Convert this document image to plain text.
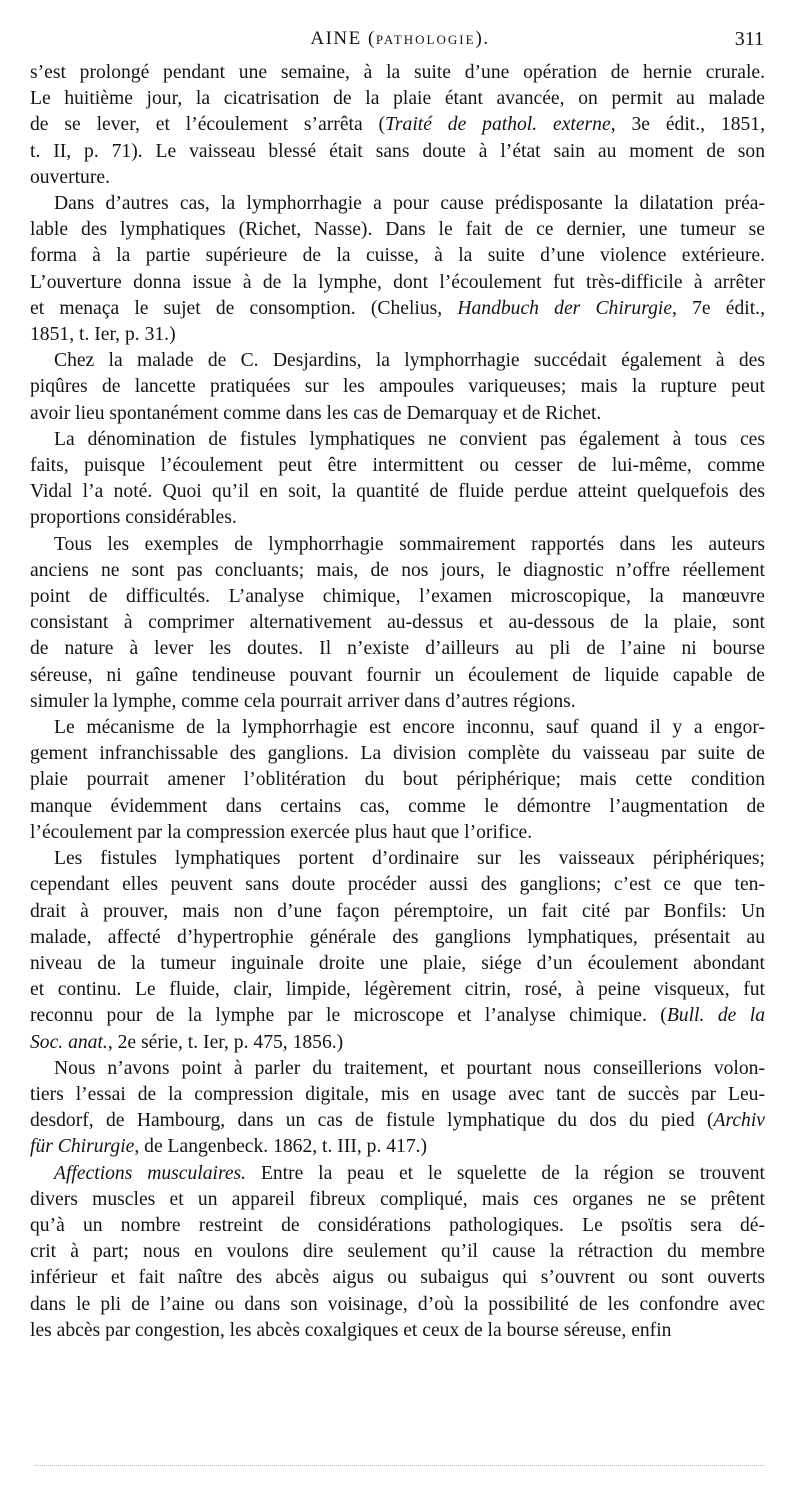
AINE (PATHOLOGIE).	311

s’est prolongé pendant une semaine, à la suite d’une opération de hernie crurale.
Le huitième jour, la cicatrisation de la plaie étant avancée, on permit au malade
de se lever, et l’écoulement s’arrêta (Traité de pathol. externe, 3e édit., 1851,
t. II, p. 71). Le vaisseau blessé était sans doute à l’état sain au moment de son
ouverture.

Dans d’autres cas, la lymphorrhagie a pour cause prédisposante la dilatation préa-
lable des lymphatiques (Richet, Nasse). Dans le fait de ce dernier, une tumeur se
forma à la partie supérieure de la cuisse, à la suite d’une violence extérieure.
L’ouverture donna issue à de la lymphe, dont l’écoulement fut très-difficile à arrêter
et menaça le sujet de consomption. (Chelius, Handbuch der Chirurgie, 7e édit.,
1851, t. Ier, p. 31.)

Chez la malade de C. Desjardins, la lymphorrhagie succédait également à des
piqûres de lancette pratiquées sur les ampoules variqueuses; mais la rupture peut
avoir lieu spontanément comme dans les cas de Demarquay et de Richet.

La dénomination de fistules lymphatiques ne convient pas également à tous ces
faits, puisque l’écoulement peut être intermittent ou cesser de lui-même, comme
Vidal l’a noté. Quoi qu’il en soit, la quantité de fluide perdue atteint quelquefois des
proportions considérables.

Tous les exemples de lymphorrhagie sommairement rapportés dans les auteurs
anciens ne sont pas concluants; mais, de nos jours, le diagnostic n’offre réellement
point de difficultés. L’analyse chimique, l’examen microscopique, la manœuvre
consistant à comprimer alternativement au-dessus et au-dessous de la plaie, sont
de nature à lever les doutes. Il n’existe d’ailleurs au pli de l’aine ni bourse
séreuse, ni gaîne tendineuse pouvant fournir un écoulement de liquide capable de
simuler la lymphe, comme cela pourrait arriver dans d’autres régions.

Le mécanisme de la lymphorrhagie est encore inconnu, sauf quand il y a engor-
gement infranchissable des ganglions. La division complète du vaisseau par suite de
plaie pourrait amener l’oblitération du bout périphérique; mais cette condition
manque évidemment dans certains cas, comme le démontre l’augmentation de
l’écoulement par la compression exercée plus haut que l’orifice.

Les fistules lymphatiques portent d’ordinaire sur les vaisseaux périphériques;
cependant elles peuvent sans doute procéder aussi des ganglions; c’est ce que ten-
drait à prouver, mais non d’une façon péremptoire, un fait cité par Bonfils: Un
malade, affecté d’hypertrophie générale des ganglions lymphatiques, présentait au
niveau de la tumeur inguinale droite une plaie, siége d’un écoulement abondant
et continu. Le fluide, clair, limpide, légèrement citrin, rosé, à peine visqueux, fut
reconnu pour de la lymphe par le microscope et l’analyse chimique. (Bull. de la
Soc. anat., 2e série, t. Ier, p. 475, 1856.)

Nous n’avons point à parler du traitement, et pourtant nous conseillerions volon-
tiers l’essai de la compression digitale, mis en usage avec tant de succès par Leu-
desdorf, de Hambourg, dans un cas de fistule lymphatique du dos du pied (Archiv
für Chirurgie, de Langenbeck. 1862, t. III, p. 417.)

Affections musculaires. Entre la peau et le squelette de la région se trouvent
divers muscles et un appareil fibreux compliqué, mais ces organes ne se prêtent
qu’à un nombre restreint de considérations pathologiques. Le psoïtis sera dé-
crit à part; nous en voulons dire seulement qu’il cause la rétraction du membre
inférieur et fait naître des abcès aigus ou subaigus qui s’ouvrent ou sont ouverts
dans le pli de l’aine ou dans son voisinage, d’où la possibilité de les confondre avec
les abcès par congestion, les abcès coxalgiques et ceux de la bourse séreuse, enfin
